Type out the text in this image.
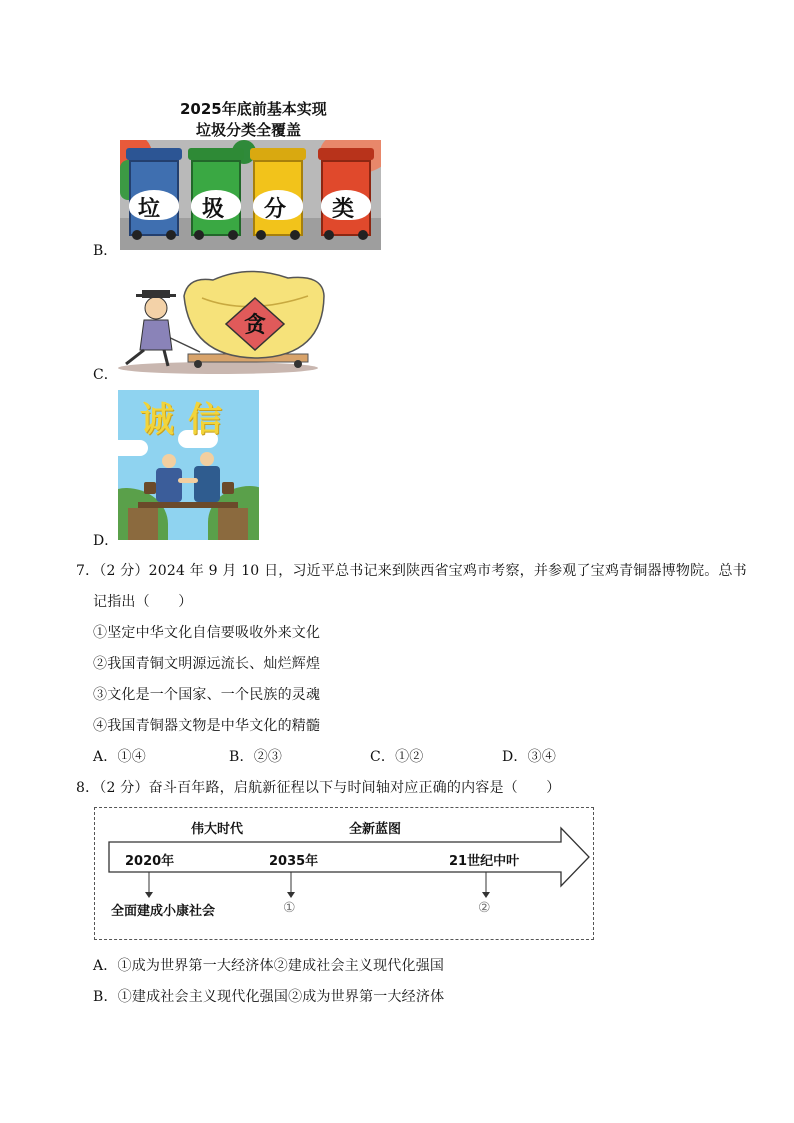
2025年底前基本实现
垃圾分类全覆盖
垃 圾 分 类
B．
贪
C．
诚信
D．
7．（2 分）2024 年 9 月 10 日，习近平总书记来到陕西省宝鸡市考察，并参观了宝鸡青铜器博物院。总书
记指出（　　）
①坚定中华文化自信要吸收外来文化
②我国青铜文明源远流长、灿烂辉煌
③文化是一个国家、一个民族的灵魂
④我国青铜器文物是中华文化的精髓
A．①④	B．②③	C．①②	D．③④
8．（2 分）奋斗百年路，启航新征程以下与时间轴对应正确的内容是（　　）
伟大时代	全新蓝图
2020年	2035年	21世纪中叶
全面建成小康社会	①	②
A．①成为世界第一大经济体②建成社会主义现代化强国
B．①建成社会主义现代化强国②成为世界第一大经济体
